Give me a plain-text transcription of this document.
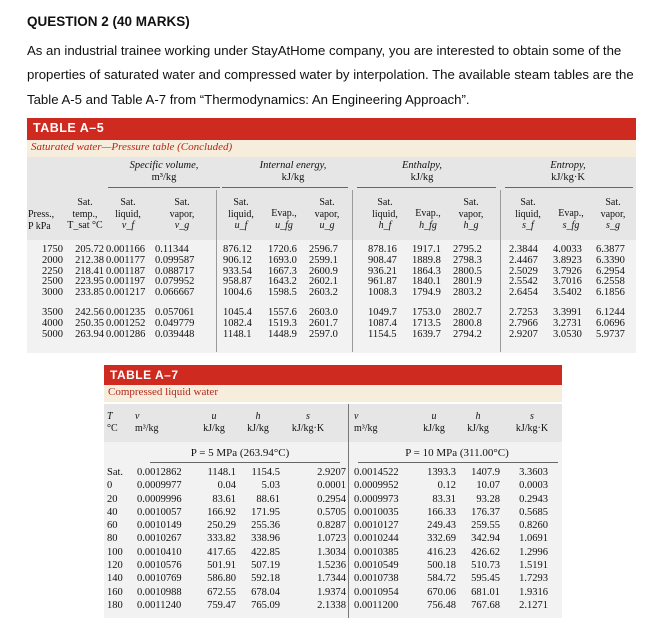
QUESTION 2 (40 MARKS)
As an industrial trainee working under StayAtHome company, you are interested to obtain some of the properties of saturated water and compressed water by interpolation. The available steam tables are the Table A-5 and Table A-7 from “Thermodynamics: An Engineering Approach”.
TABLE A–5
Saturated water—Pressure table (Concluded)
Specific volume,
m³/kg
Internal energy,
kJ/kg
Enthalpy,
kJ/kg
Entropy,
kJ/kg·K
Press.,
P kPa
Sat.
temp.,
T_sat °C
Sat.
liquid,
v_f
Sat.
vapor,
v_g
Sat.
liquid,
u_f
Evap.,
u_fg
Sat.
vapor,
u_g
Sat.
liquid,
h_f
Evap.,
h_fg
Sat.
vapor,
h_g
Sat.
liquid,
s_f
Evap.,
s_fg
Sat.
vapor,
s_g
1750
2000
2250
2500
3000
3500
4000
5000
205.72
212.38
218.41
223.95
233.85
242.56
250.35
263.94
0.001166
0.001177
0.001187
0.001197
0.001217
0.001235
0.001252
0.001286
0.11344
0.099587
0.088717
0.079952
0.066667
0.057061
0.049779
0.039448
876.12
906.12
933.54
958.87
1004.6
1045.4
1082.4
1148.1
1720.6
1693.0
1667.3
1643.2
1598.5
1557.6
1519.3
1448.9
2596.7
2599.1
2600.9
2602.1
2603.2
2603.0
2601.7
2597.0
878.16
908.47
936.21
961.87
1008.3
1049.7
1087.4
1154.5
1917.1
1889.8
1864.3
1840.1
1794.9
1753.0
1713.5
1639.7
2795.2
2798.3
2800.5
2801.9
2803.2
2802.7
2800.8
2794.2
2.3844
2.4467
2.5029
2.5542
2.6454
2.7253
2.7966
2.9207
4.0033
3.8923
3.7926
3.7016
3.5402
3.3991
3.2731
3.0530
6.3877
6.3390
6.2954
6.2558
6.1856
6.1244
6.0696
5.9737
TABLE A–7
Compressed liquid water
T
°C
v
m³/kg
u
kJ/kg
h
kJ/kg
s
kJ/kg·K
v
m³/kg
u
kJ/kg
h
kJ/kg
s
kJ/kg·K
P = 5 MPa (263.94°C)	P = 10 MPa (311.00°C)
Sat.
0
20
40
60
80
100
120
140
160
180
0.0012862
0.0009977
0.0009996
0.0010057
0.0010149
0.0010267
0.0010410
0.0010576
0.0010769
0.0010988
0.0011240
1148.1
0.04
83.61
166.92
250.29
333.82
417.65
501.91
586.80
672.55
759.47
1154.5
5.03
88.61
171.95
255.36
338.96
422.85
507.19
592.18
678.04
765.09
2.9207
0.0001
0.2954
0.5705
0.8287
1.0723
1.3034
1.5236
1.7344
1.9374
2.1338
0.0014522
0.0009952
0.0009973
0.0010035
0.0010127
0.0010244
0.0010385
0.0010549
0.0010738
0.0010954
0.0011200
1393.3
0.12
83.31
166.33
249.43
332.69
416.23
500.18
584.72
670.06
756.48
1407.9
10.07
93.28
176.37
259.55
342.94
426.62
510.73
595.45
681.01
767.68
3.3603
0.0003
0.2943
0.5685
0.8260
1.0691
1.2996
1.5191
1.7293
1.9316
2.1271
